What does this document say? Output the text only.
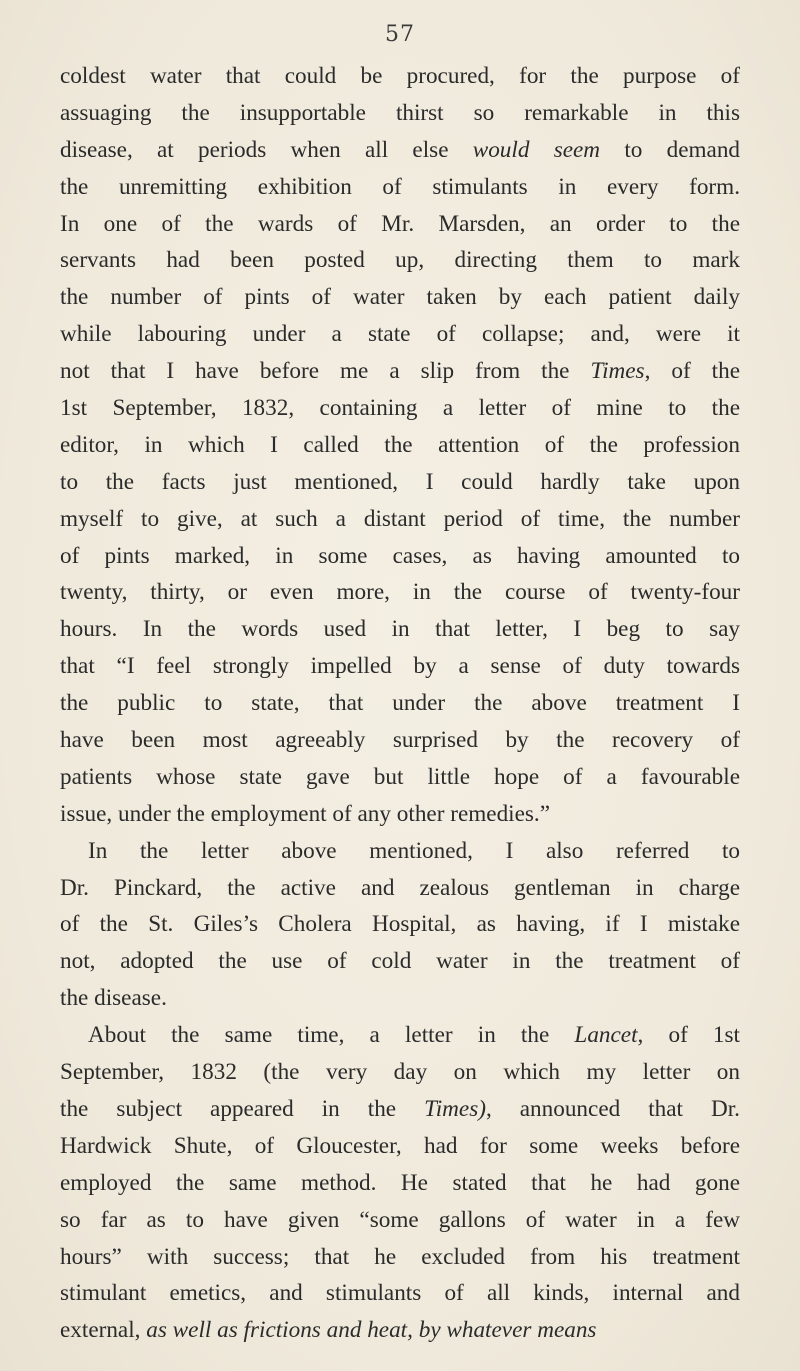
57
coldest water that could be procured, for the purpose of
assuaging the insupportable thirst so remarkable in this
disease, at periods when all else would seem to demand
the unremitting exhibition of stimulants in every form.
In one of the wards of Mr. Marsden, an order to the
servants had been posted up, directing them to mark
the number of pints of water taken by each patient daily
while labouring under a state of collapse; and, were it
not that I have before me a slip from the Times, of the
1st September, 1832, containing a letter of mine to the
editor, in which I called the attention of the profession
to the facts just mentioned, I could hardly take upon
myself to give, at such a distant period of time, the number
of pints marked, in some cases, as having amounted to
twenty, thirty, or even more, in the course of twenty-four
hours. In the words used in that letter, I beg to say
that “I feel strongly impelled by a sense of duty towards
the public to state, that under the above treatment I
have been most agreeably surprised by the recovery of
patients whose state gave but little hope of a favourable
issue, under the employment of any other remedies.”
In the letter above mentioned, I also referred to
Dr. Pinckard, the active and zealous gentleman in charge
of the St. Giles’s Cholera Hospital, as having, if I mistake
not, adopted the use of cold water in the treatment of
the disease.
About the same time, a letter in the Lancet, of 1st
September, 1832 (the very day on which my letter on
the subject appeared in the Times), announced that Dr.
Hardwick Shute, of Gloucester, had for some weeks before
employed the same method. He stated that he had gone
so far as to have given “some gallons of water in a few
hours” with success; that he excluded from his treatment
stimulant emetics, and stimulants of all kinds, internal and
external, as well as frictions and heat, by whatever means
